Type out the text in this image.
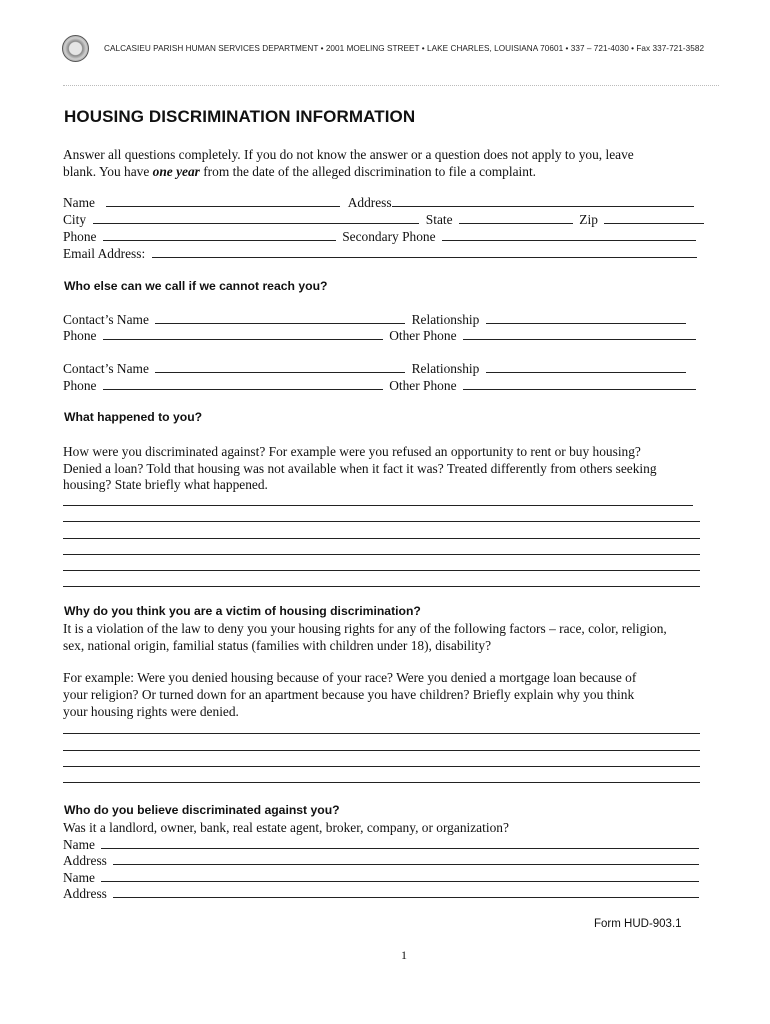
CALCASIEU PARISH HUMAN SERVICES DEPARTMENT • 2001 MOELING STREET • LAKE CHARLES, LOUISIANA 70601 • 337 – 721-4030 • Fax 337-721-3582
HOUSING DISCRIMINATION INFORMATION
Answer all questions completely. If you do not know the answer or a question does not apply to you, leave
blank. You have one year from the date of the alleged discrimination to file a complaint.
Name	Address
City	State	Zip
Phone	Secondary Phone
Email Address:
Who else can we call if we cannot reach you?
Contact’s Name	Relationship
Phone	Other Phone
Contact’s Name	Relationship
Phone	Other Phone
What happened to you?
How were you discriminated against? For example were you refused an opportunity to rent or buy housing?
Denied a loan? Told that housing was not available when it fact it was? Treated differently from others seeking
housing? State briefly what happened.
Why do you think you are a victim of housing discrimination?
It is a violation of the law to deny you your housing rights for any of the following factors – race, color, religion,
sex, national origin, familial status (families with children under 18), disability?
For example: Were you denied housing because of your race? Were you denied a mortgage loan because of
your religion? Or turned down for an apartment because you have children? Briefly explain why you think
your housing rights were denied.
Who do you believe discriminated against you?
Was it a landlord, owner, bank, real estate agent, broker, company, or organization?
Name
Address
Name
Address
Form HUD-903.1
1
